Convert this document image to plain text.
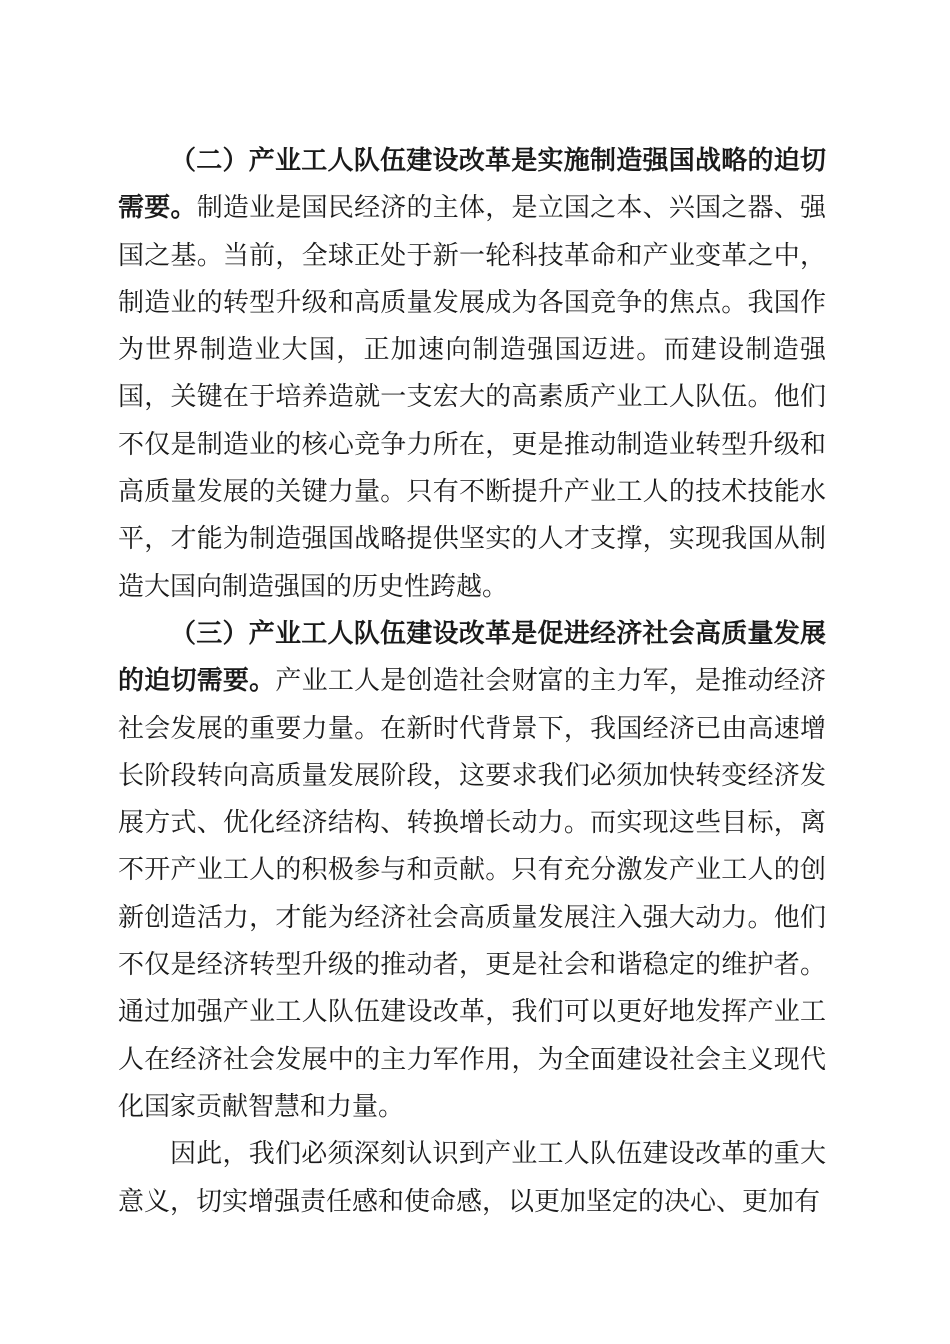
（二）产业工人队伍建设改革是实施制造强国战略的迫切需要。制造业是国民经济的主体，是立国之本、兴国之器、强国之基。当前，全球正处于新一轮科技革命和产业变革之中，制造业的转型升级和高质量发展成为各国竞争的焦点。我国作为世界制造业大国，正加速向制造强国迈进。而建设制造强国，关键在于培养造就一支宏大的高素质产业工人队伍。他们不仅是制造业的核心竞争力所在，更是推动制造业转型升级和高质量发展的关键力量。只有不断提升产业工人的技术技能水平，才能为制造强国战略提供坚实的人才支撑，实现我国从制造大国向制造强国的历史性跨越。

（三）产业工人队伍建设改革是促进经济社会高质量发展的迫切需要。产业工人是创造社会财富的主力军，是推动经济社会发展的重要力量。在新时代背景下，我国经济已由高速增长阶段转向高质量发展阶段，这要求我们必须加快转变经济发展方式、优化经济结构、转换增长动力。而实现这些目标，离不开产业工人的积极参与和贡献。只有充分激发产业工人的创新创造活力，才能为经济社会高质量发展注入强大动力。他们不仅是经济转型升级的推动者，更是社会和谐稳定的维护者。通过加强产业工人队伍建设改革，我们可以更好地发挥产业工人在经济社会发展中的主力军作用，为全面建设社会主义现代化国家贡献智慧和力量。

因此，我们必须深刻认识到产业工人队伍建设改革的重大意义，切实增强责任感和使命感，以更加坚定的决心、更加有
